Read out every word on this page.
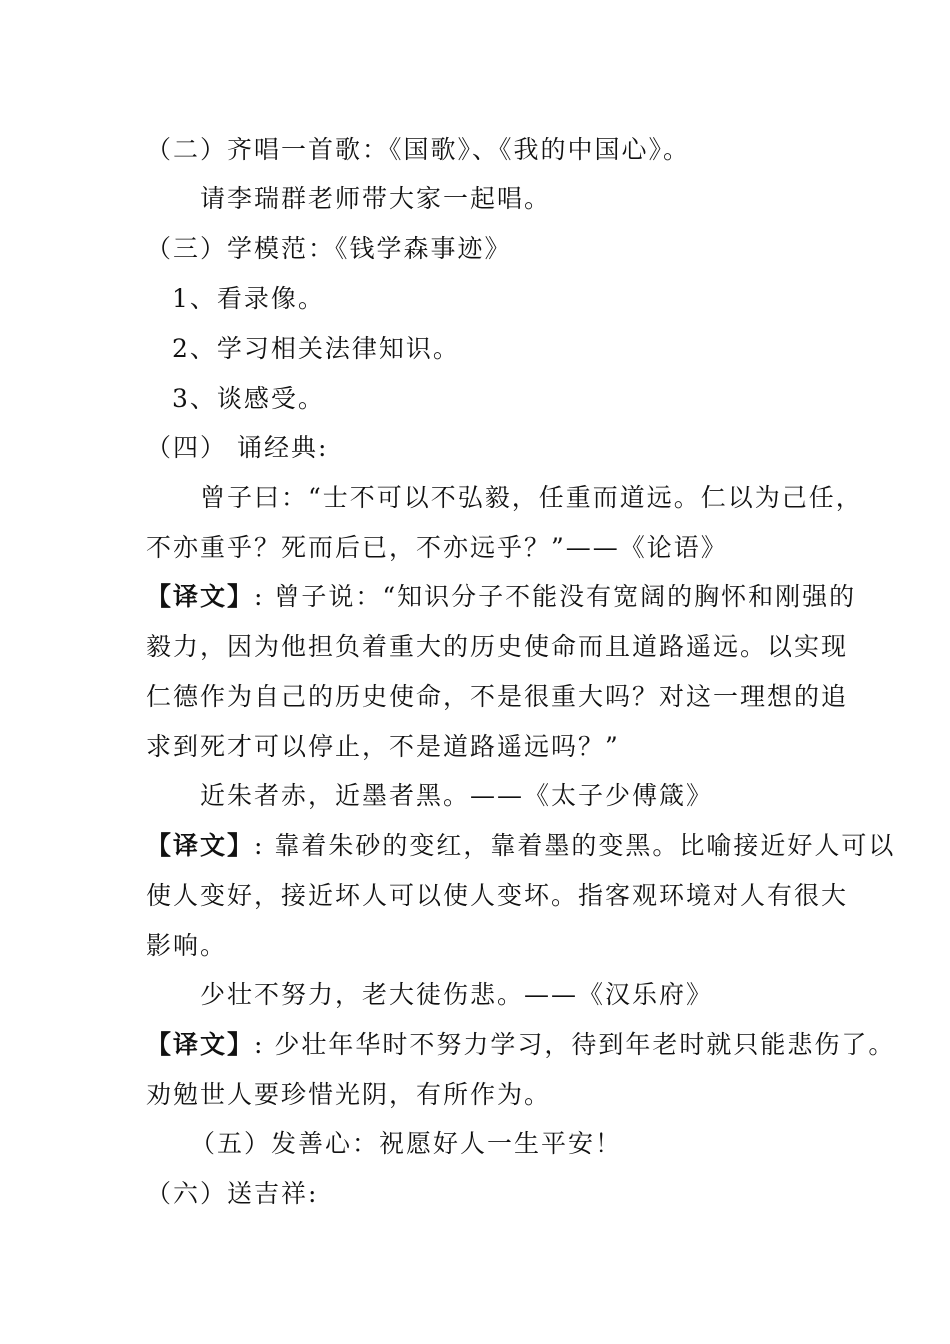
（二）齐唱一首歌：《国歌》、《我的中国心》。
请李瑞群老师带大家一起唱。
（三）学模范：《钱学森事迹》
1、看录像。
2、学习相关法律知识。
3、谈感受。
（四） 诵经典:
曾子曰：“士不可以不弘毅，任重而道远。仁以为己任，
不亦重乎？死而后已，不亦远乎？”——《论语》
【译文】: 曾子说：“知识分子不能没有宽阔的胸怀和刚强的
毅力，因为他担负着重大的历史使命而且道路遥远。以实现
仁德作为自己的历史使命，不是很重大吗？对这一理想的追
求到死才可以停止，不是道路遥远吗？”
近朱者赤，近墨者黑。——《太子少傅箴》
【译文】: 靠着朱砂的变红，靠着墨的变黑。比喻接近好人可以
使人变好，接近坏人可以使人变坏。指客观环境对人有很大
影响。
少壮不努力，老大徒伤悲。——《汉乐府》
【译文】: 少壮年华时不努力学习，待到年老时就只能悲伤了。
劝勉世人要珍惜光阴，有所作为。
（五）发善心：祝愿好人一生平安！
（六）送吉祥:
